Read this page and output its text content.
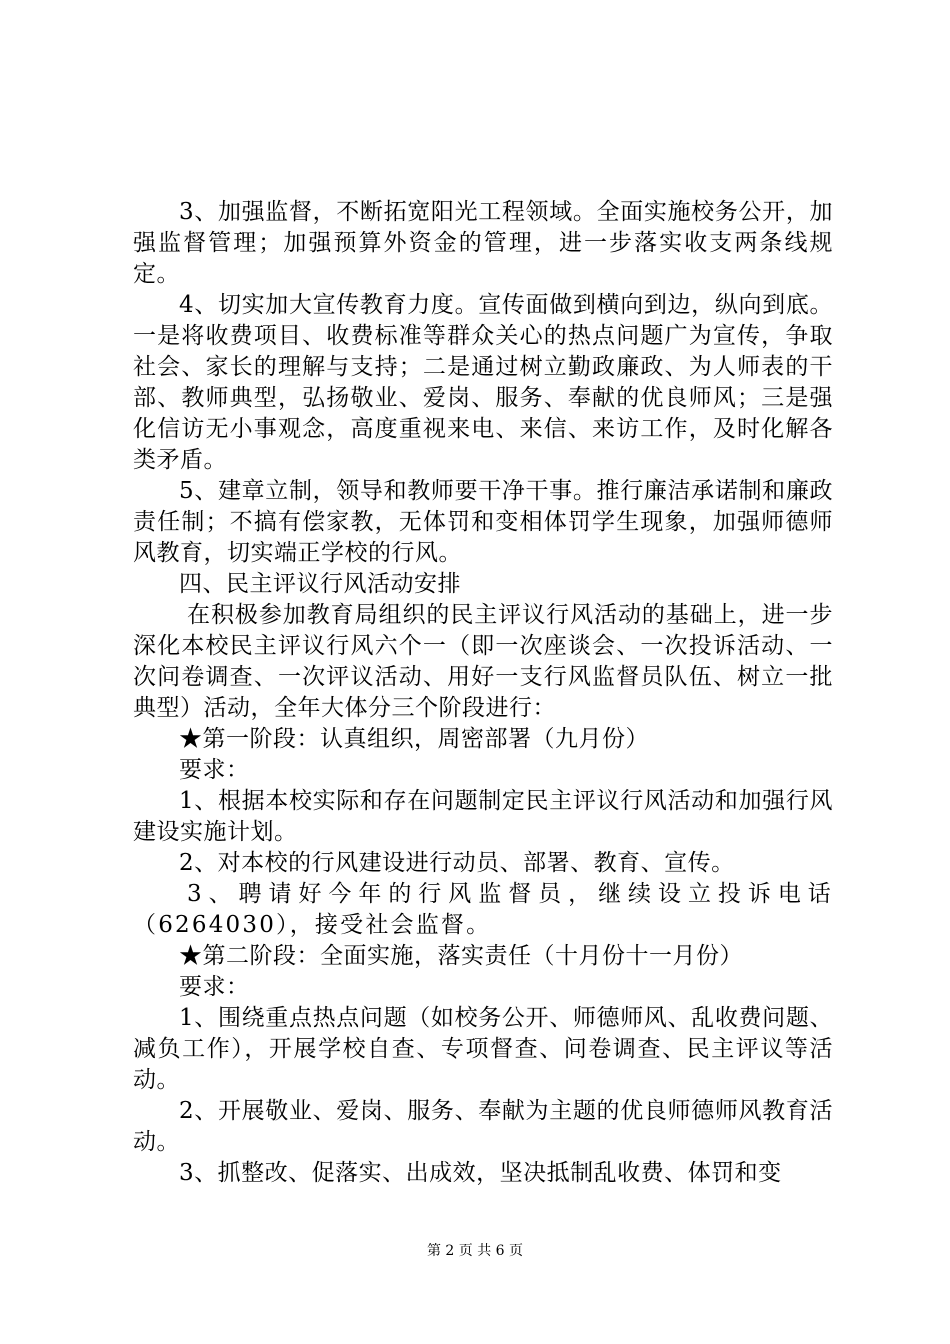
3、加强监督，不断拓宽阳光工程领域。全面实施校务公开，加强监督管理；加强预算外资金的管理，进一步落实收支两条线规定。

4、切实加大宣传教育力度。宣传面做到横向到边，纵向到底。一是将收费项目、收费标准等群众关心的热点问题广为宣传，争取社会、家长的理解与支持；二是通过树立勤政廉政、为人师表的干部、教师典型，弘扬敬业、爱岗、服务、奉献的优良师风；三是强化信访无小事观念，高度重视来电、来信、来访工作，及时化解各类矛盾。

5、建章立制，领导和教师要干净干事。推行廉洁承诺制和廉政责任制；不搞有偿家教，无体罚和变相体罚学生现象，加强师德师风教育，切实端正学校的行风。

四、民主评议行风活动安排

在积极参加教育局组织的民主评议行风活动的基础上，进一步深化本校民主评议行风六个一（即一次座谈会、一次投诉活动、一次问卷调查、一次评议活动、用好一支行风监督员队伍、树立一批典型）活动，全年大体分三个阶段进行：

★第一阶段：认真组织，周密部署（九月份）

要求：

1、根据本校实际和存在问题制定民主评议行风活动和加强行风建设实施计划。

2、对本校的行风建设进行动员、部署、教育、宣传。

3、聘请好今年的行风监督员，继续设立投诉电话（6264030），接受社会监督。

★第二阶段：全面实施，落实责任（十月份十一月份）

要求：

1、围绕重点热点问题（如校务公开、师德师风、乱收费问题、减负工作），开展学校自查、专项督查、问卷调查、民主评议等活动。

2、开展敬业、爱岗、服务、奉献为主题的优良师德师风教育活动。

3、抓整改、促落实、出成效，坚决抵制乱收费、体罚和变

第 2 页 共 6 页
